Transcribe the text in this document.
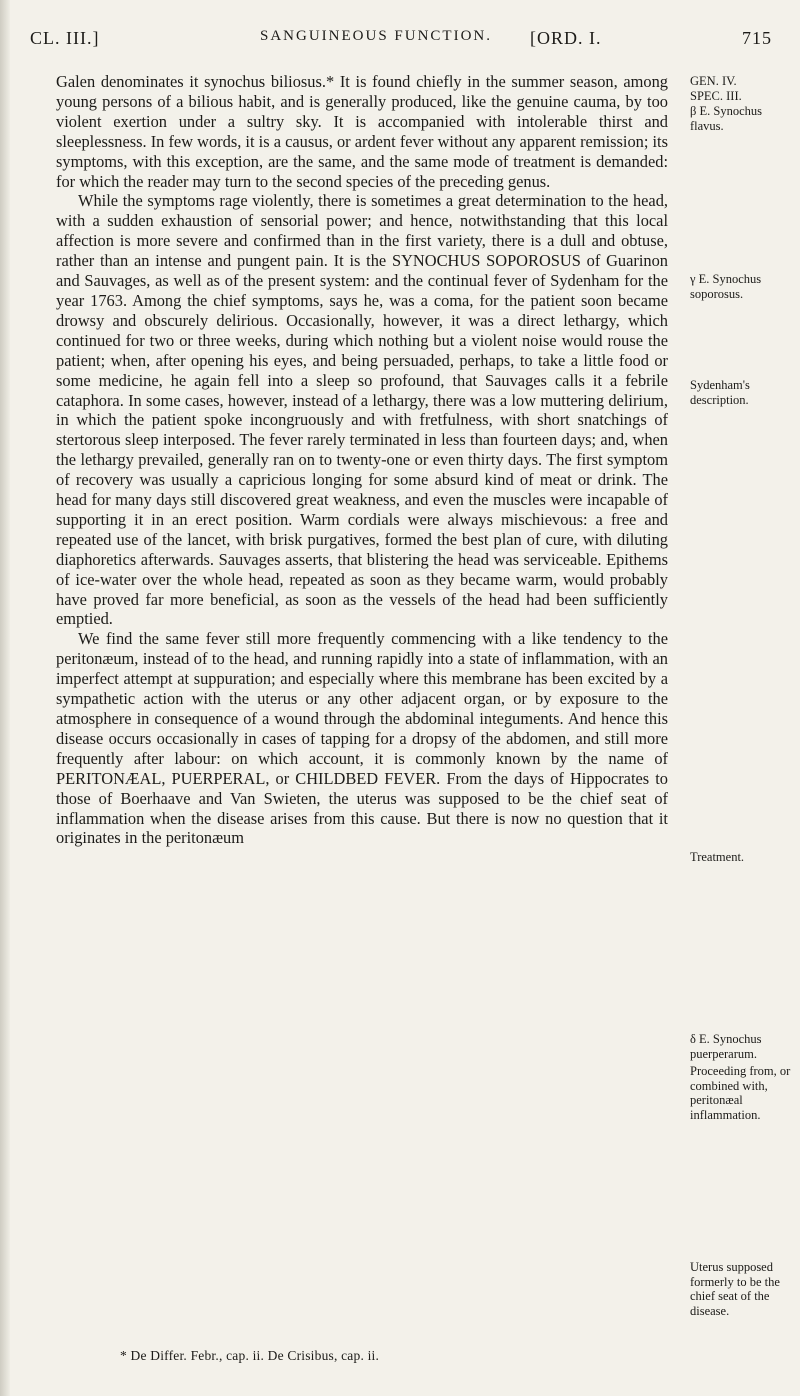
CL. III.]	SANGUINEOUS FUNCTION. [ORD. I.	715

Galen denominates it synochus biliosus.* It is found chiefly in the summer season, among young persons of a bilious habit, and is generally produced, like the genuine cauma, by too violent exertion under a sultry sky. It is accompanied with intolerable thirst and sleeplessness. In few words, it is a causus, or ardent fever without any apparent remission; its symptoms, with this exception, are the same, and the same mode of treatment is demanded: for which the reader may turn to the second species of the preceding genus.

While the symptoms rage violently, there is sometimes a great determination to the head, with a sudden exhaustion of sensorial power; and hence, notwithstanding that this local affection is more severe and confirmed than in the first variety, there is a dull and obtuse, rather than an intense and pungent pain. It is the SYNOCHUS SOPOROSUS of Guarinon and Sauvages, as well as of the present system: and the continual fever of Sydenham for the year 1763. Among the chief symptoms, says he, was a coma, for the patient soon became drowsy and obscurely delirious. Occasionally, however, it was a direct lethargy, which continued for two or three weeks, during which nothing but a violent noise would rouse the patient; when, after opening his eyes, and being persuaded, perhaps, to take a little food or some medicine, he again fell into a sleep so profound, that Sauvages calls it a febrile cataphora. In some cases, however, instead of a lethargy, there was a low muttering delirium, in which the patient spoke incongruously and with fretfulness, with short snatchings of stertorous sleep interposed. The fever rarely terminated in less than fourteen days; and, when the lethargy prevailed, generally ran on to twenty-one or even thirty days. The first symptom of recovery was usually a capricious longing for some absurd kind of meat or drink. The head for many days still discovered great weakness, and even the muscles were incapable of supporting it in an erect position. Warm cordials were always mischievous: a free and repeated use of the lancet, with brisk purgatives, formed the best plan of cure, with diluting diaphoretics afterwards. Sauvages asserts, that blistering the head was serviceable. Epithems of ice-water over the whole head, repeated as soon as they became warm, would probably have proved far more beneficial, as soon as the vessels of the head had been sufficiently emptied.

We find the same fever still more frequently commencing with a like tendency to the peritonæum, instead of to the head, and running rapidly into a state of inflammation, with an imperfect attempt at suppuration; and especially where this membrane has been excited by a sympathetic action with the uterus or any other adjacent organ, or by exposure to the atmosphere in consequence of a wound through the abdominal integuments. And hence this disease occurs occasionally in cases of tapping for a dropsy of the abdomen, and still more frequently after labour: on which account, it is commonly known by the name of PERITONÆAL, PUERPERAL, or CHILDBED FEVER. From the days of Hippocrates to those of Boerhaave and Van Swieten, the uterus was supposed to be the chief seat of inflammation when the disease arises from this cause. But there is now no question that it originates in the peritonæum

GEN. IV.
SPEC. III.
β E. Synochus flavus.
γ E. Synochus soporosus.
Sydenham's description.
Treatment.
δ E. Synochus puerperarum.
Proceeding from, or combined with, peritonæal inflammation.
Uterus supposed formerly to be the chief seat of the disease.
* De Differ. Febr., cap. ii. De Crisibus, cap. ii.
